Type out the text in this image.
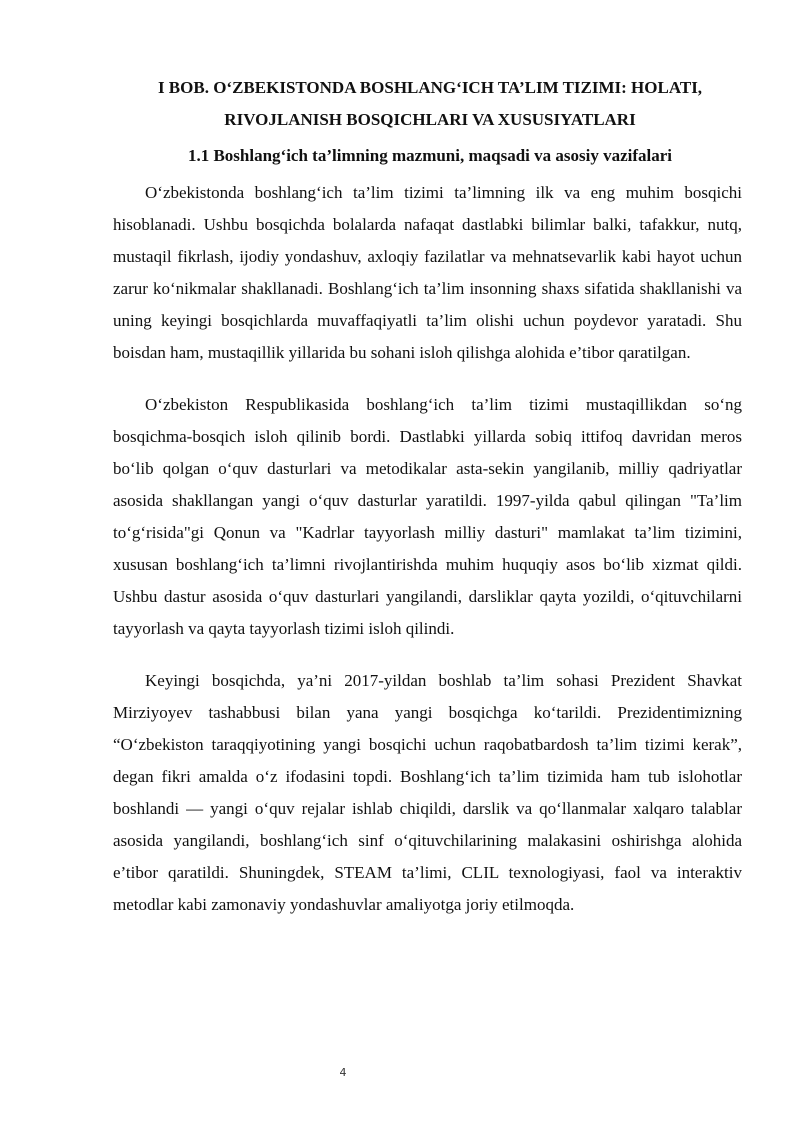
I BOB. O‘ZBEKISTONDA BOSHLANG‘ICH TA’LIM TIZIMI: HOLATI, RIVOJLANISH BOSQICHLARI VA XUSUSIYATLARI
1.1 Boshlang‘ich ta’limning mazmuni, maqsadi va asosiy vazifalari

O‘zbekistonda boshlang‘ich ta’lim tizimi ta’limning ilk va eng muhim bosqichi hisoblanadi. Ushbu bosqichda bolalarda nafaqat dastlabki bilimlar balki, tafakkur, nutq, mustaqil fikrlash, ijodiy yondashuv, axloqiy fazilatlar va mehnatsevarlik kabi hayot uchun zarur ko‘nikmalar shakllanadi. Boshlang‘ich ta’lim insonning shaxs sifatida shakllanishi va uning keyingi bosqichlarda muvaffaqiyatli ta’lim olishi uchun poydevor yaratadi. Shu boisdan ham, mustaqillik yillarida bu sohani isloh qilishga alohida e’tibor qaratilgan.

O‘zbekiston Respublikasida boshlang‘ich ta’lim tizimi mustaqillikdan so‘ng bosqichma-bosqich isloh qilinib bordi. Dastlabki yillarda sobiq ittifoq davridan meros bo‘lib qolgan o‘quv dasturlari va metodikalar asta-sekin yangilanib, milliy qadriyatlar asosida shakllangan yangi o‘quv dasturlar yaratildi. 1997-yilda qabul qilingan "Ta’lim to‘g‘risida"gi Qonun va "Kadrlar tayyorlash milliy dasturi" mamlakat ta’lim tizimini, xususan boshlang‘ich ta’limni rivojlantirishda muhim huquqiy asos bo‘lib xizmat qildi. Ushbu dastur asosida o‘quv dasturlari yangilandi, darsliklar qayta yozildi, o‘qituvchilarni tayyorlash va qayta tayyorlash tizimi isloh qilindi.

Keyingi bosqichda, ya’ni 2017-yildan boshlab ta’lim sohasi Prezident Shavkat Mirziyoyev tashabbusi bilan yana yangi bosqichga ko‘tarildi. Prezidentimizning “O‘zbekiston taraqqiyotining yangi bosqichi uchun raqobatbardosh ta’lim tizimi kerak”, degan fikri amalda o‘z ifodasini topdi. Boshlang‘ich ta’lim tizimida ham tub islohotlar boshlandi — yangi o‘quv rejalar ishlab chiqildi, darslik va qo‘llanmalar xalqaro talablar asosida yangilandi, boshlang‘ich sinf o‘qituvchilarining malakasini oshirishga alohida e’tibor qaratildi. Shuningdek, STEAM ta’limi, CLIL texnologiyasi, faol va interaktiv metodlar kabi zamonaviy yondashuvlar amaliyotga joriy etilmoqda.

4
